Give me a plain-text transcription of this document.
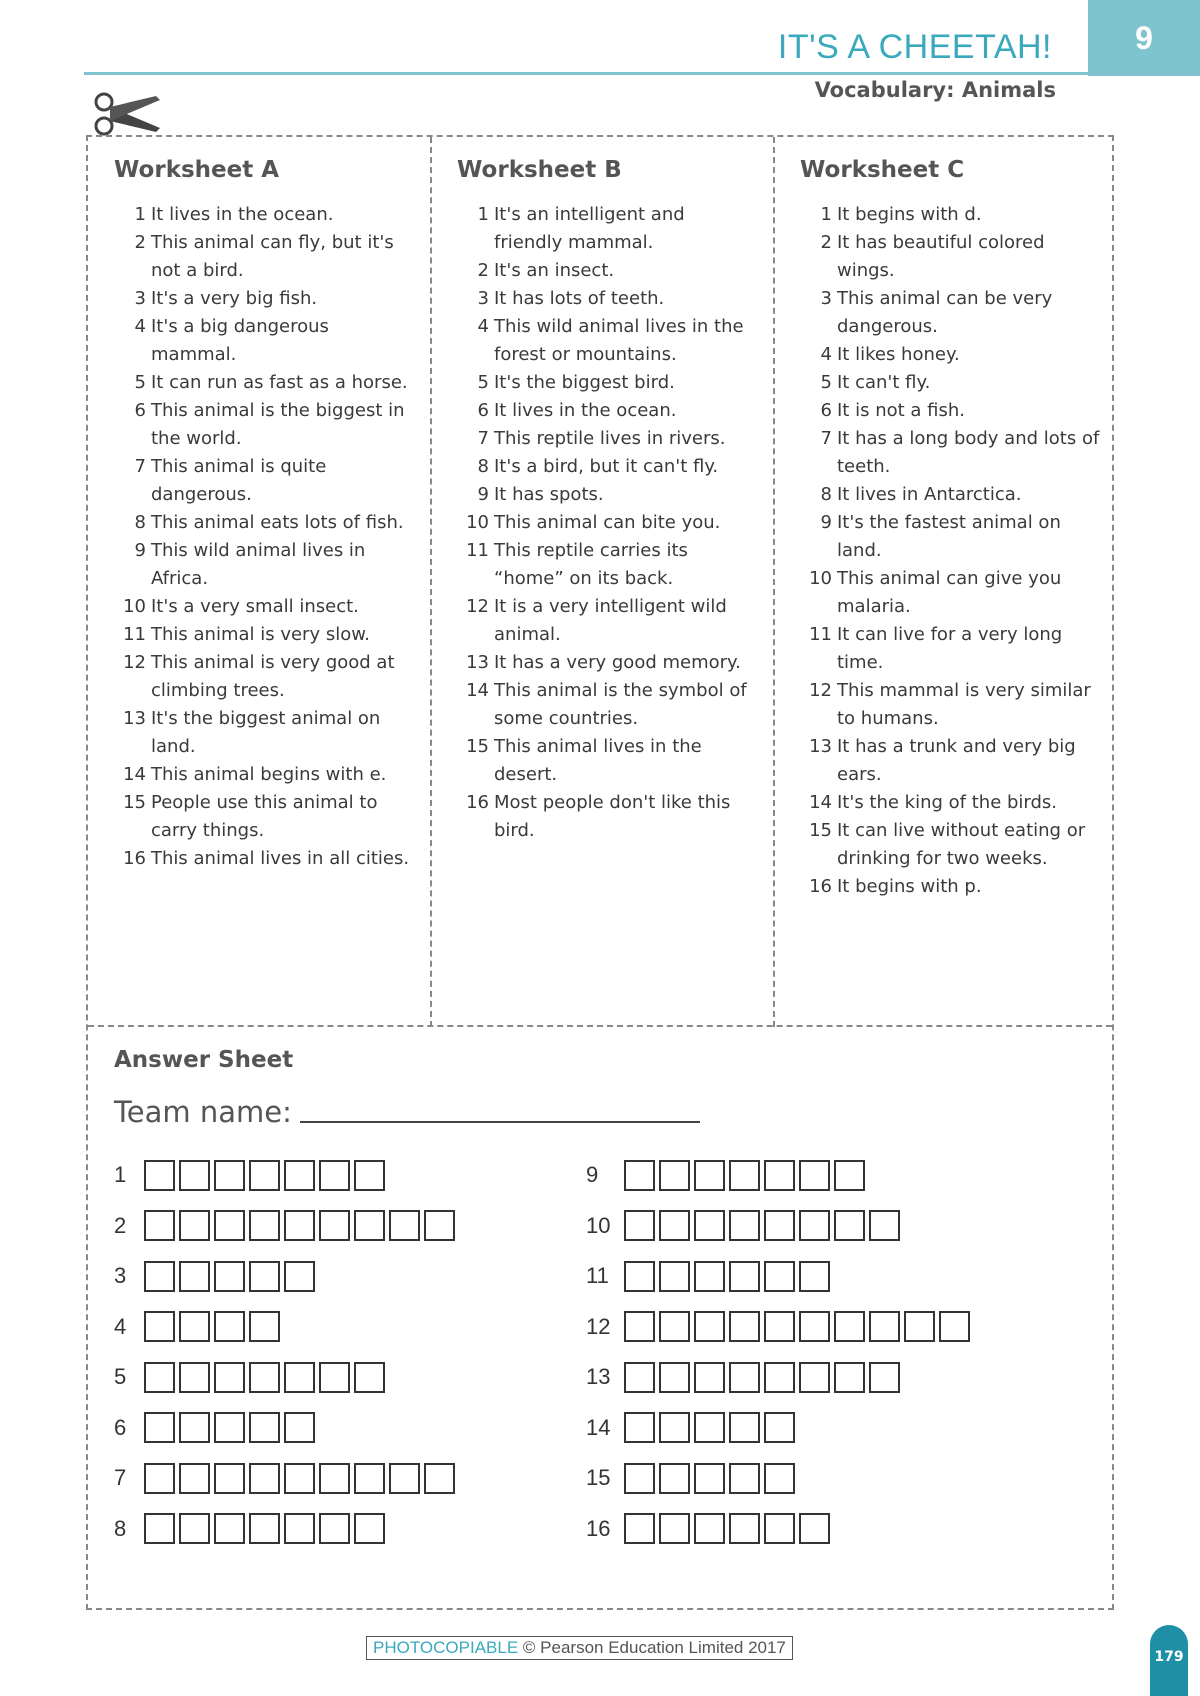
9
IT'S A CHEETAH!
Vocabulary: Animals
Worksheet A
1 It lives in the ocean.
2 This animal can fly, but it's not a bird.
3 It's a very big fish.
4 It's a big dangerous mammal.
5 It can run as fast as a horse.
6 This animal is the biggest in the world.
7 This animal is quite dangerous.
8 This animal eats lots of fish.
9 This wild animal lives in Africa.
10 It's a very small insect.
11 This animal is very slow.
12 This animal is very good at climbing trees.
13 It's the biggest animal on land.
14 This animal begins with e.
15 People use this animal to carry things.
16 This animal lives in all cities.
Worksheet B
1 It's an intelligent and friendly mammal.
2 It's an insect.
3 It has lots of teeth.
4 This wild animal lives in the forest or mountains.
5 It's the biggest bird.
6 It lives in the ocean.
7 This reptile lives in rivers.
8 It's a bird, but it can't fly.
9 It has spots.
10 This animal can bite you.
11 This reptile carries its “home” on its back.
12 It is a very intelligent wild animal.
13 It has a very good memory.
14 This animal is the symbol of some countries.
15 This animal lives in the desert.
16 Most people don't like this bird.
Worksheet C
1 It begins with d.
2 It has beautiful colored wings.
3 This animal can be very dangerous.
4 It likes honey.
5 It can't fly.
6 It is not a fish.
7 It has a long body and lots of teeth.
8 It lives in Antarctica.
9 It's the fastest animal on land.
10 This animal can give you malaria.
11 It can live for a very long time.
12 This mammal is very similar to humans.
13 It has a trunk and very big ears.
14 It's the king of the birds.
15 It can live without eating or drinking for two weeks.
16 It begins with p.
Answer Sheet
Team name:
1
2
3
4
5
6
7
8
9
10
11
12
13
14
15
16
PHOTOCOPIABLE © Pearson Education Limited 2017	179
